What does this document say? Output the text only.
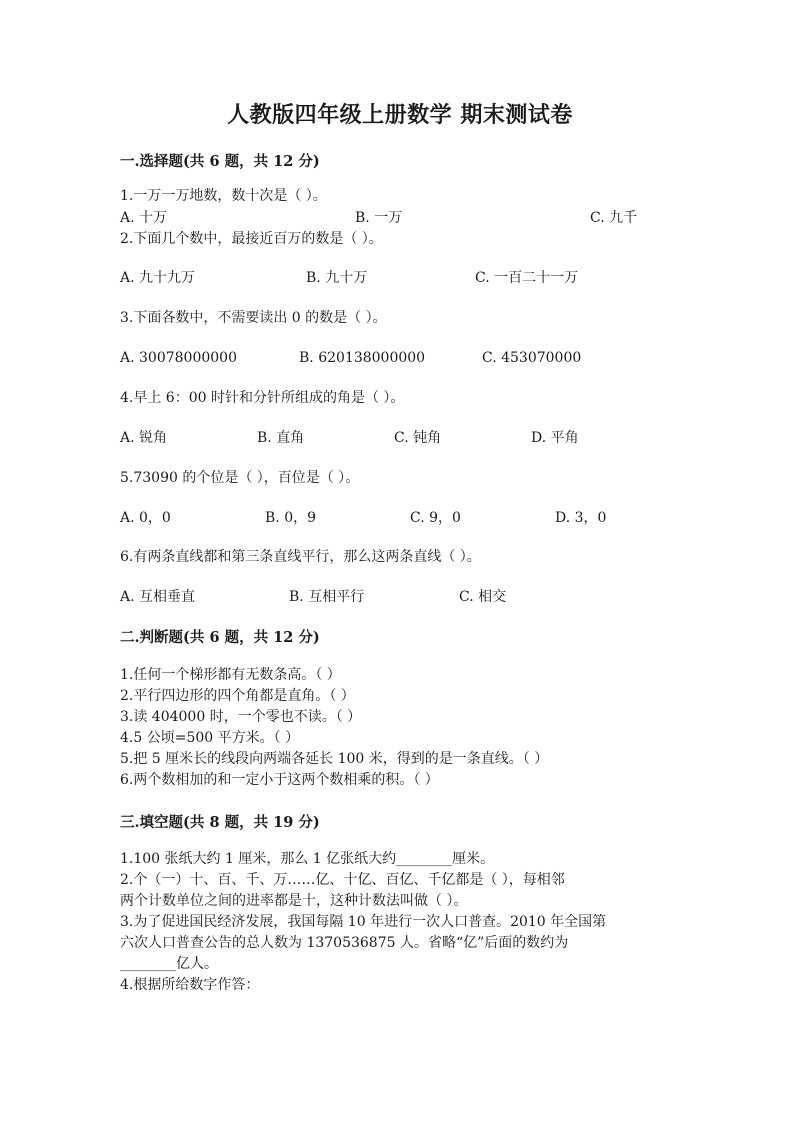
人教版四年级上册数学 期末测试卷
一.选择题(共 6 题，共 12 分)
1.一万一万地数，数十次是（ ）。
A. 十万	B. 一万	C. 九千
2.下面几个数中，最接近百万的数是（ ）。
A. 九十九万	B. 九十万	C. 一百二十一万
3.下面各数中，不需要读出 0 的数是（ ）。
A. 30078000000	B. 620138000000	C. 453070000
4.早上 6：00 时针和分针所组成的角是（ ）。
A. 锐角	B. 直角	C. 钝角	D. 平角
5.73090 的个位是（ ），百位是（ ）。
A. 0，0	B. 0，9	C. 9，0	D. 3，0
6.有两条直线都和第三条直线平行，那么这两条直线（ ）。
A. 互相垂直	B. 互相平行	C. 相交
二.判断题(共 6 题，共 12 分)
1.任何一个梯形都有无数条高。（ ）
2.平行四边形的四个角都是直角。（ ）
3.读 404000 时，一个零也不读。（ ）
4.5 公顷=500 平方米。（ ）
5.把 5 厘米长的线段向两端各延长 100 米，得到的是一条直线。（ ）
6.两个数相加的和一定小于这两个数相乘的积。（ ）
三.填空题(共 8 题，共 19 分)
1.100 张纸大约 1 厘米，那么 1 亿张纸大约________厘米。
2.个（一）十、百、千、万……亿、十亿、百亿、千亿都是（ ），每相邻
两个计数单位之间的进率都是十，这种计数法叫做（ ）。
3.为了促进国民经济发展，我国每隔 10 年进行一次人口普查。2010 年全国第
六次人口普查公告的总人数为 1370536875 人。省略“亿”后面的数约为
________亿人。
4.根据所给数字作答：
